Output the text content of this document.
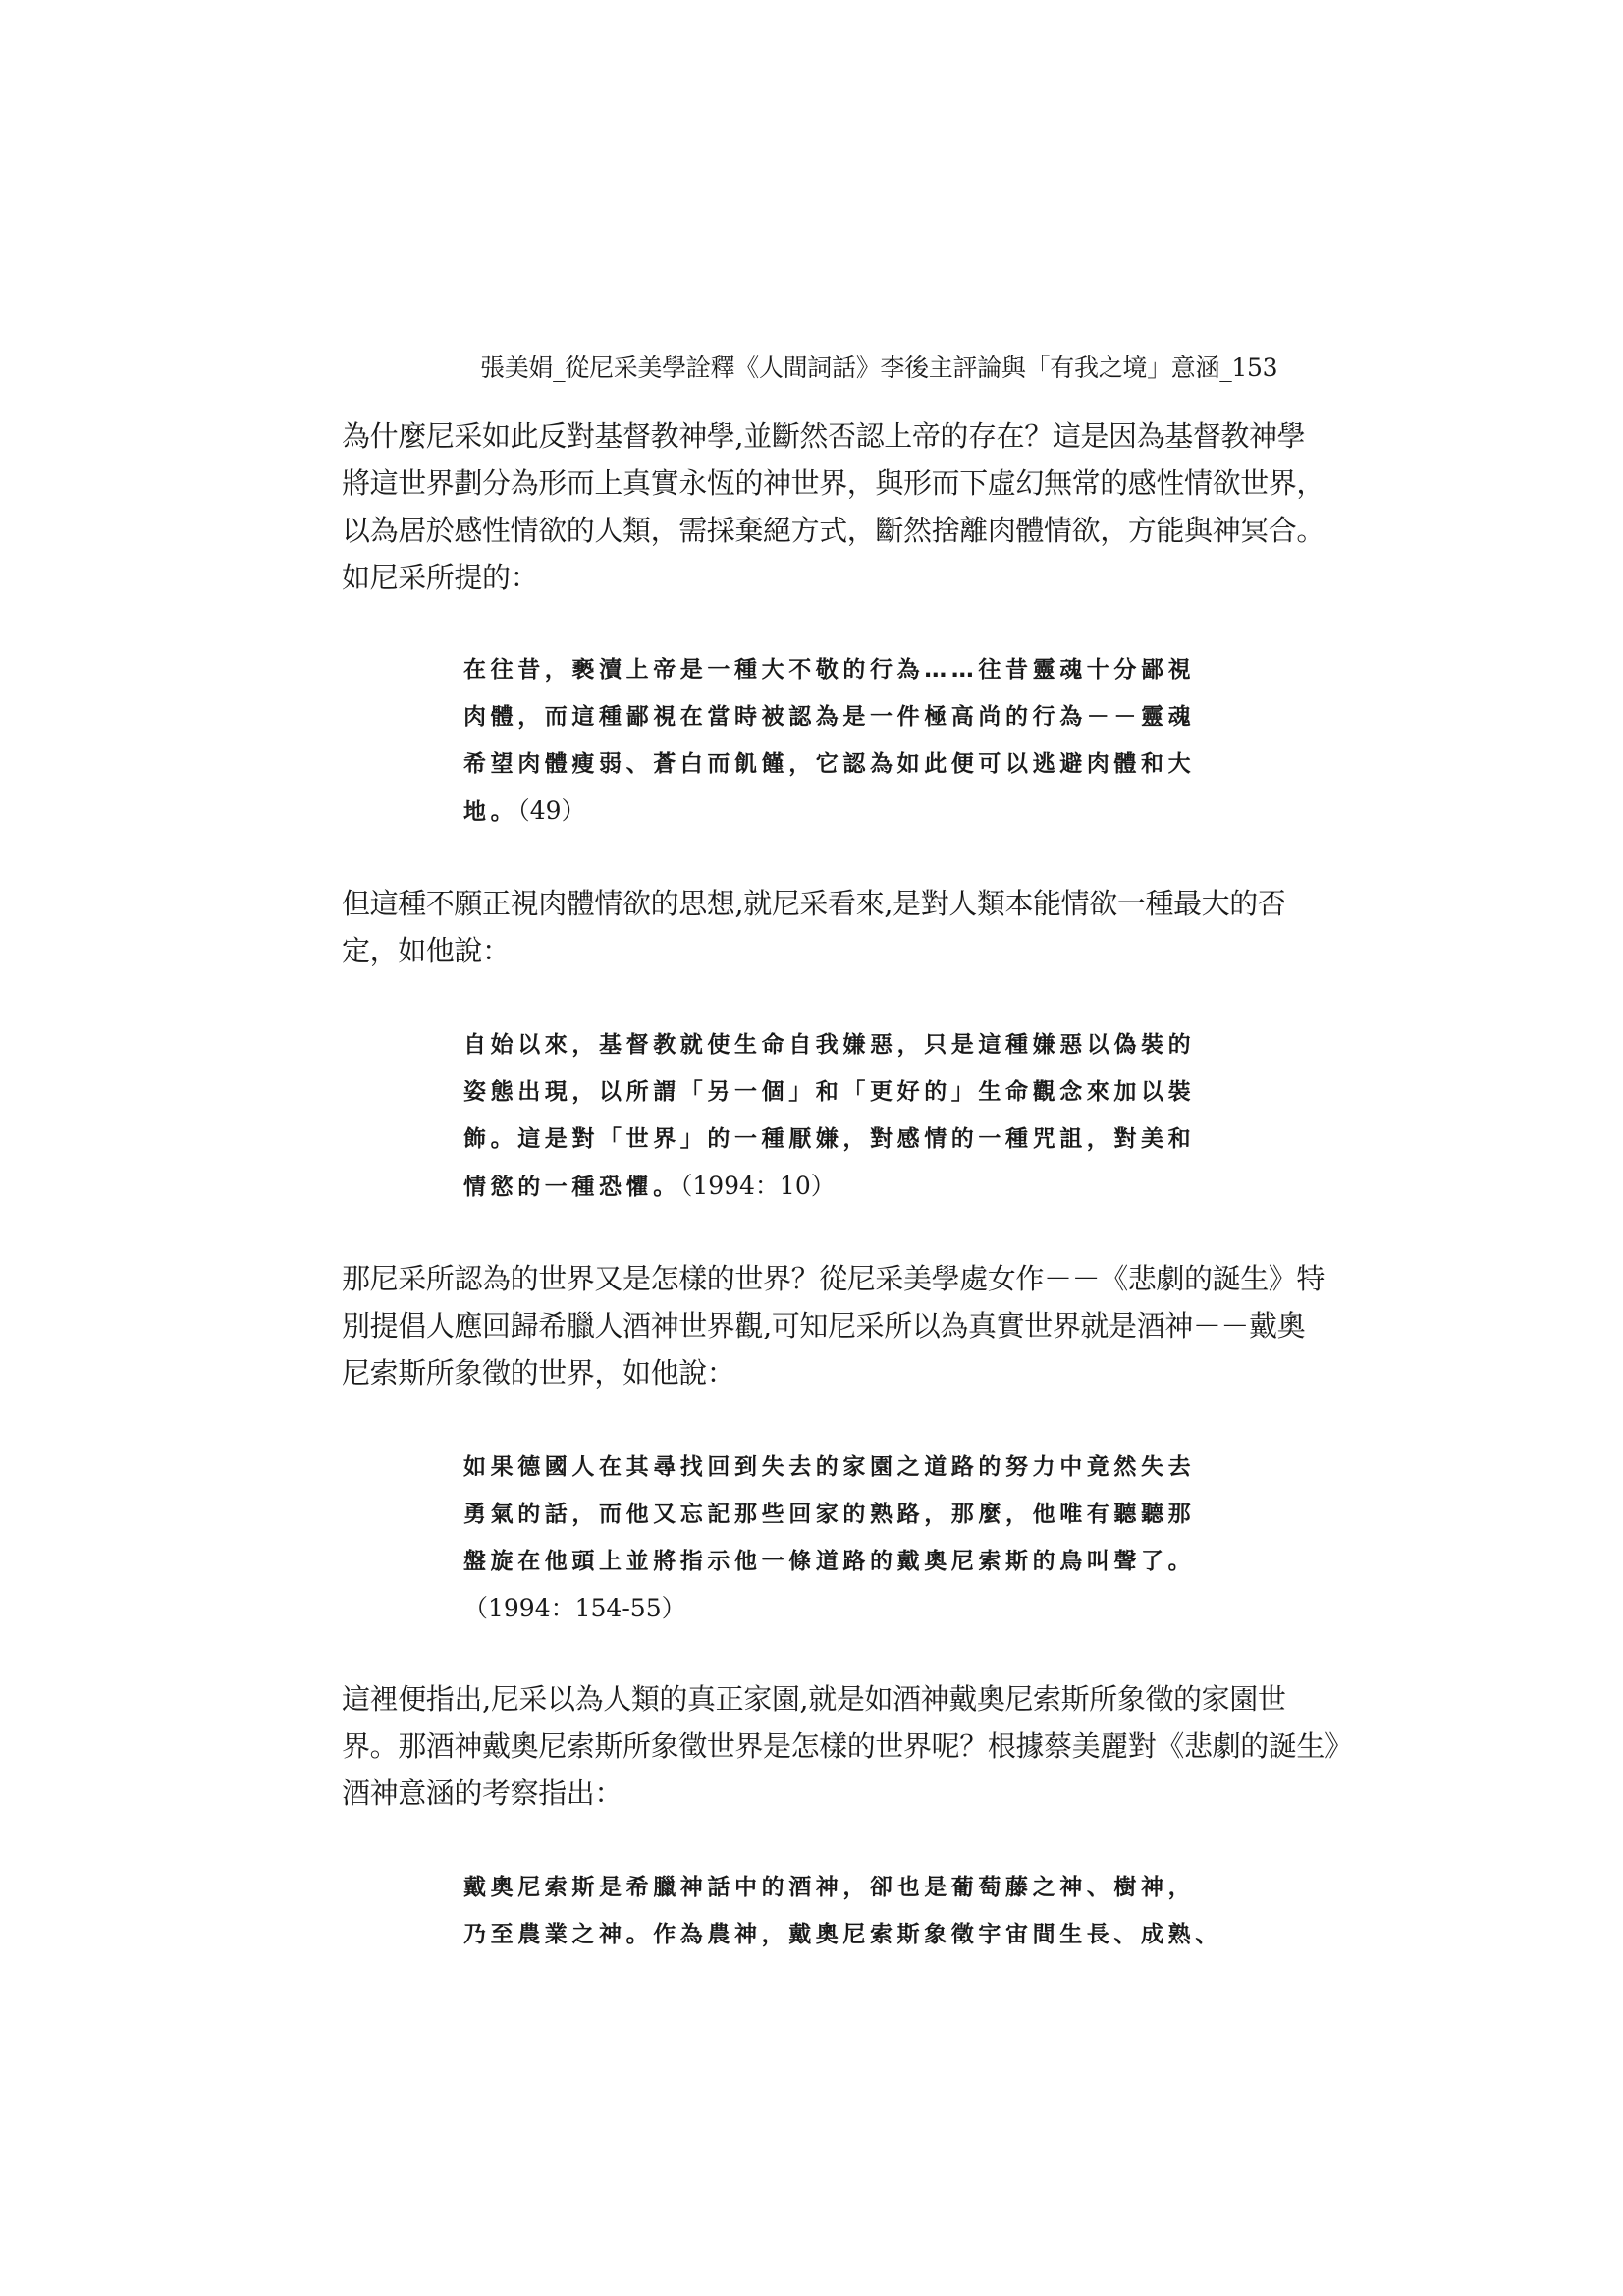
張美娟_從尼采美學詮釋《人間詞話》李後主評論與「有我之境」意涵_153
為什麼尼采如此反對基督教神學,並斷然否認上帝的存在？這是因為基督教神學
將這世界劃分為形而上真實永恆的神世界，與形而下虛幻無常的感性情欲世界，
以為居於感性情欲的人類，需採棄絕方式，斷然捨離肉體情欲，方能與神冥合。
如尼采所提的：
在往昔，褻瀆上帝是一種大不敬的行為……往昔靈魂十分鄙視
肉體，而這種鄙視在當時被認為是一件極高尚的行為－－靈魂
希望肉體瘦弱、蒼白而飢饉，它認為如此便可以逃避肉體和大
地。（49）
但這種不願正視肉體情欲的思想,就尼采看來,是對人類本能情欲一種最大的否
定，如他說：
自始以來，基督教就使生命自我嫌惡，只是這種嫌惡以偽裝的
姿態出現，以所謂「另一個」和「更好的」生命觀念來加以裝
飾。這是對「世界」的一種厭嫌，對感情的一種咒詛，對美和
情慾的一種恐懼。（1994：10）
那尼采所認為的世界又是怎樣的世界？從尼采美學處女作－－《悲劇的誕生》特
別提倡人應回歸希臘人酒神世界觀,可知尼采所以為真實世界就是酒神－－戴奧
尼索斯所象徵的世界，如他說：
如果德國人在其尋找回到失去的家園之道路的努力中竟然失去
勇氣的話，而他又忘記那些回家的熟路，那麼，他唯有聽聽那
盤旋在他頭上並將指示他一條道路的戴奧尼索斯的鳥叫聲了。
（1994：154-55）
這裡便指出,尼采以為人類的真正家園,就是如酒神戴奧尼索斯所象徵的家園世
界。那酒神戴奧尼索斯所象徵世界是怎樣的世界呢？根據蔡美麗對《悲劇的誕生》
酒神意涵的考察指出：
戴奧尼索斯是希臘神話中的酒神，卻也是葡萄藤之神、樹神，
乃至農業之神。作為農神，戴奧尼索斯象徵宇宙間生長、成熟、
